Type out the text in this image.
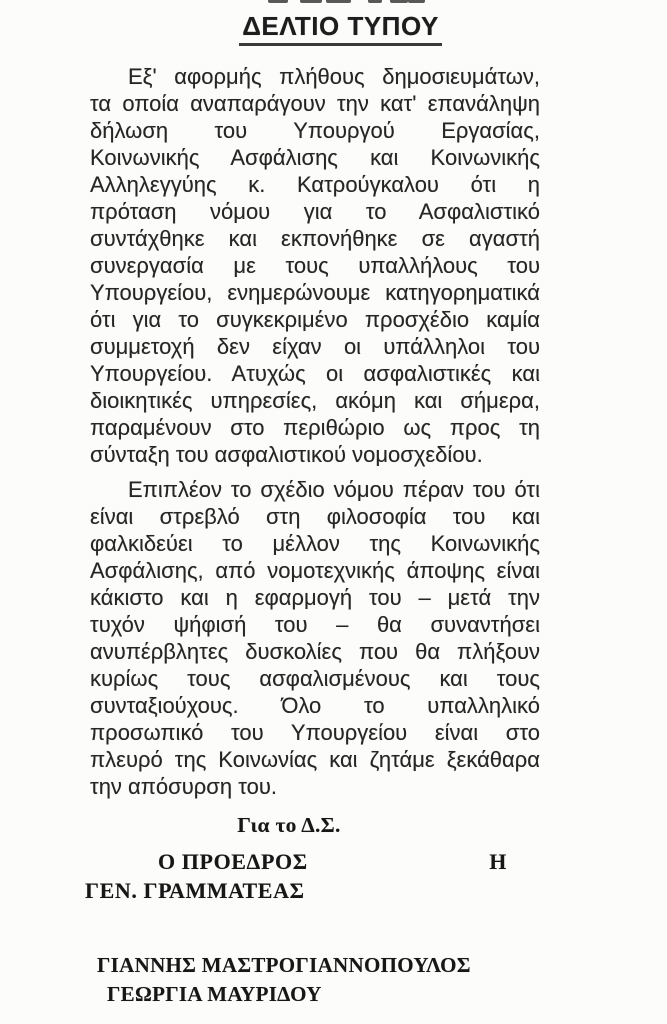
ΔΕΛΤΙΟ ΤΥΠΟΥ
Εξ' αφορμής πλήθους δημοσιευμάτων,
τα οποία αναπαράγουν την κατ' επανάληψη
δήλωση του Υπουργού Εργασίας,
Κοινωνικής Ασφάλισης και Κοινωνικής
Αλληλεγγύης κ. Κατρούγκαλου ότι η
πρόταση νόμου για το Ασφαλιστικό
συντάχθηκε και εκπονήθηκε σε αγαστή
συνεργασία με τους υπαλλήλους του
Υπουργείου, ενημερώνουμε κατηγορηματικά
ότι για το συγκεκριμένο προσχέδιο καμία
συμμετοχή δεν είχαν οι υπάλληλοι του
Υπουργείου. Ατυχώς οι ασφαλιστικές και
διοικητικές υπηρεσίες, ακόμη και σήμερα,
παραμένουν στο περιθώριο ως προς τη
σύνταξη του ασφαλιστικού νομοσχεδίου.
Επιπλέον το σχέδιο νόμου πέραν του ότι
είναι στρεβλό στη φιλοσοφία του και
φαλκιδεύει το μέλλον της Κοινωνικής
Ασφάλισης, από νομοτεχνικής άποψης είναι
κάκιστο και η εφαρμογή του – μετά την
τυχόν ψήφισή του – θα συναντήσει
ανυπέρβλητες δυσκολίες που θα πλήξουν
κυρίως τους ασφαλισμένους και τους
συνταξιούχους. Όλο το υπαλληλικό
προσωπικό του Υπουργείου είναι στο
πλευρό της Κοινωνίας και ζητάμε ξεκάθαρα
την απόσυρση του.
Για το Δ.Σ.
Ο ΠΡΟΕΔΡΟΣ	Η
ΓΕΝ. ΓΡΑΜΜΑΤΕΑΣ
ΓΙΑΝΝΗΣ ΜΑΣΤΡΟΓΙΑΝΝΟΠΟΥΛΟΣ
ΓΕΩΡΓΙΑ ΜΑΥΡΙΔΟΥ
